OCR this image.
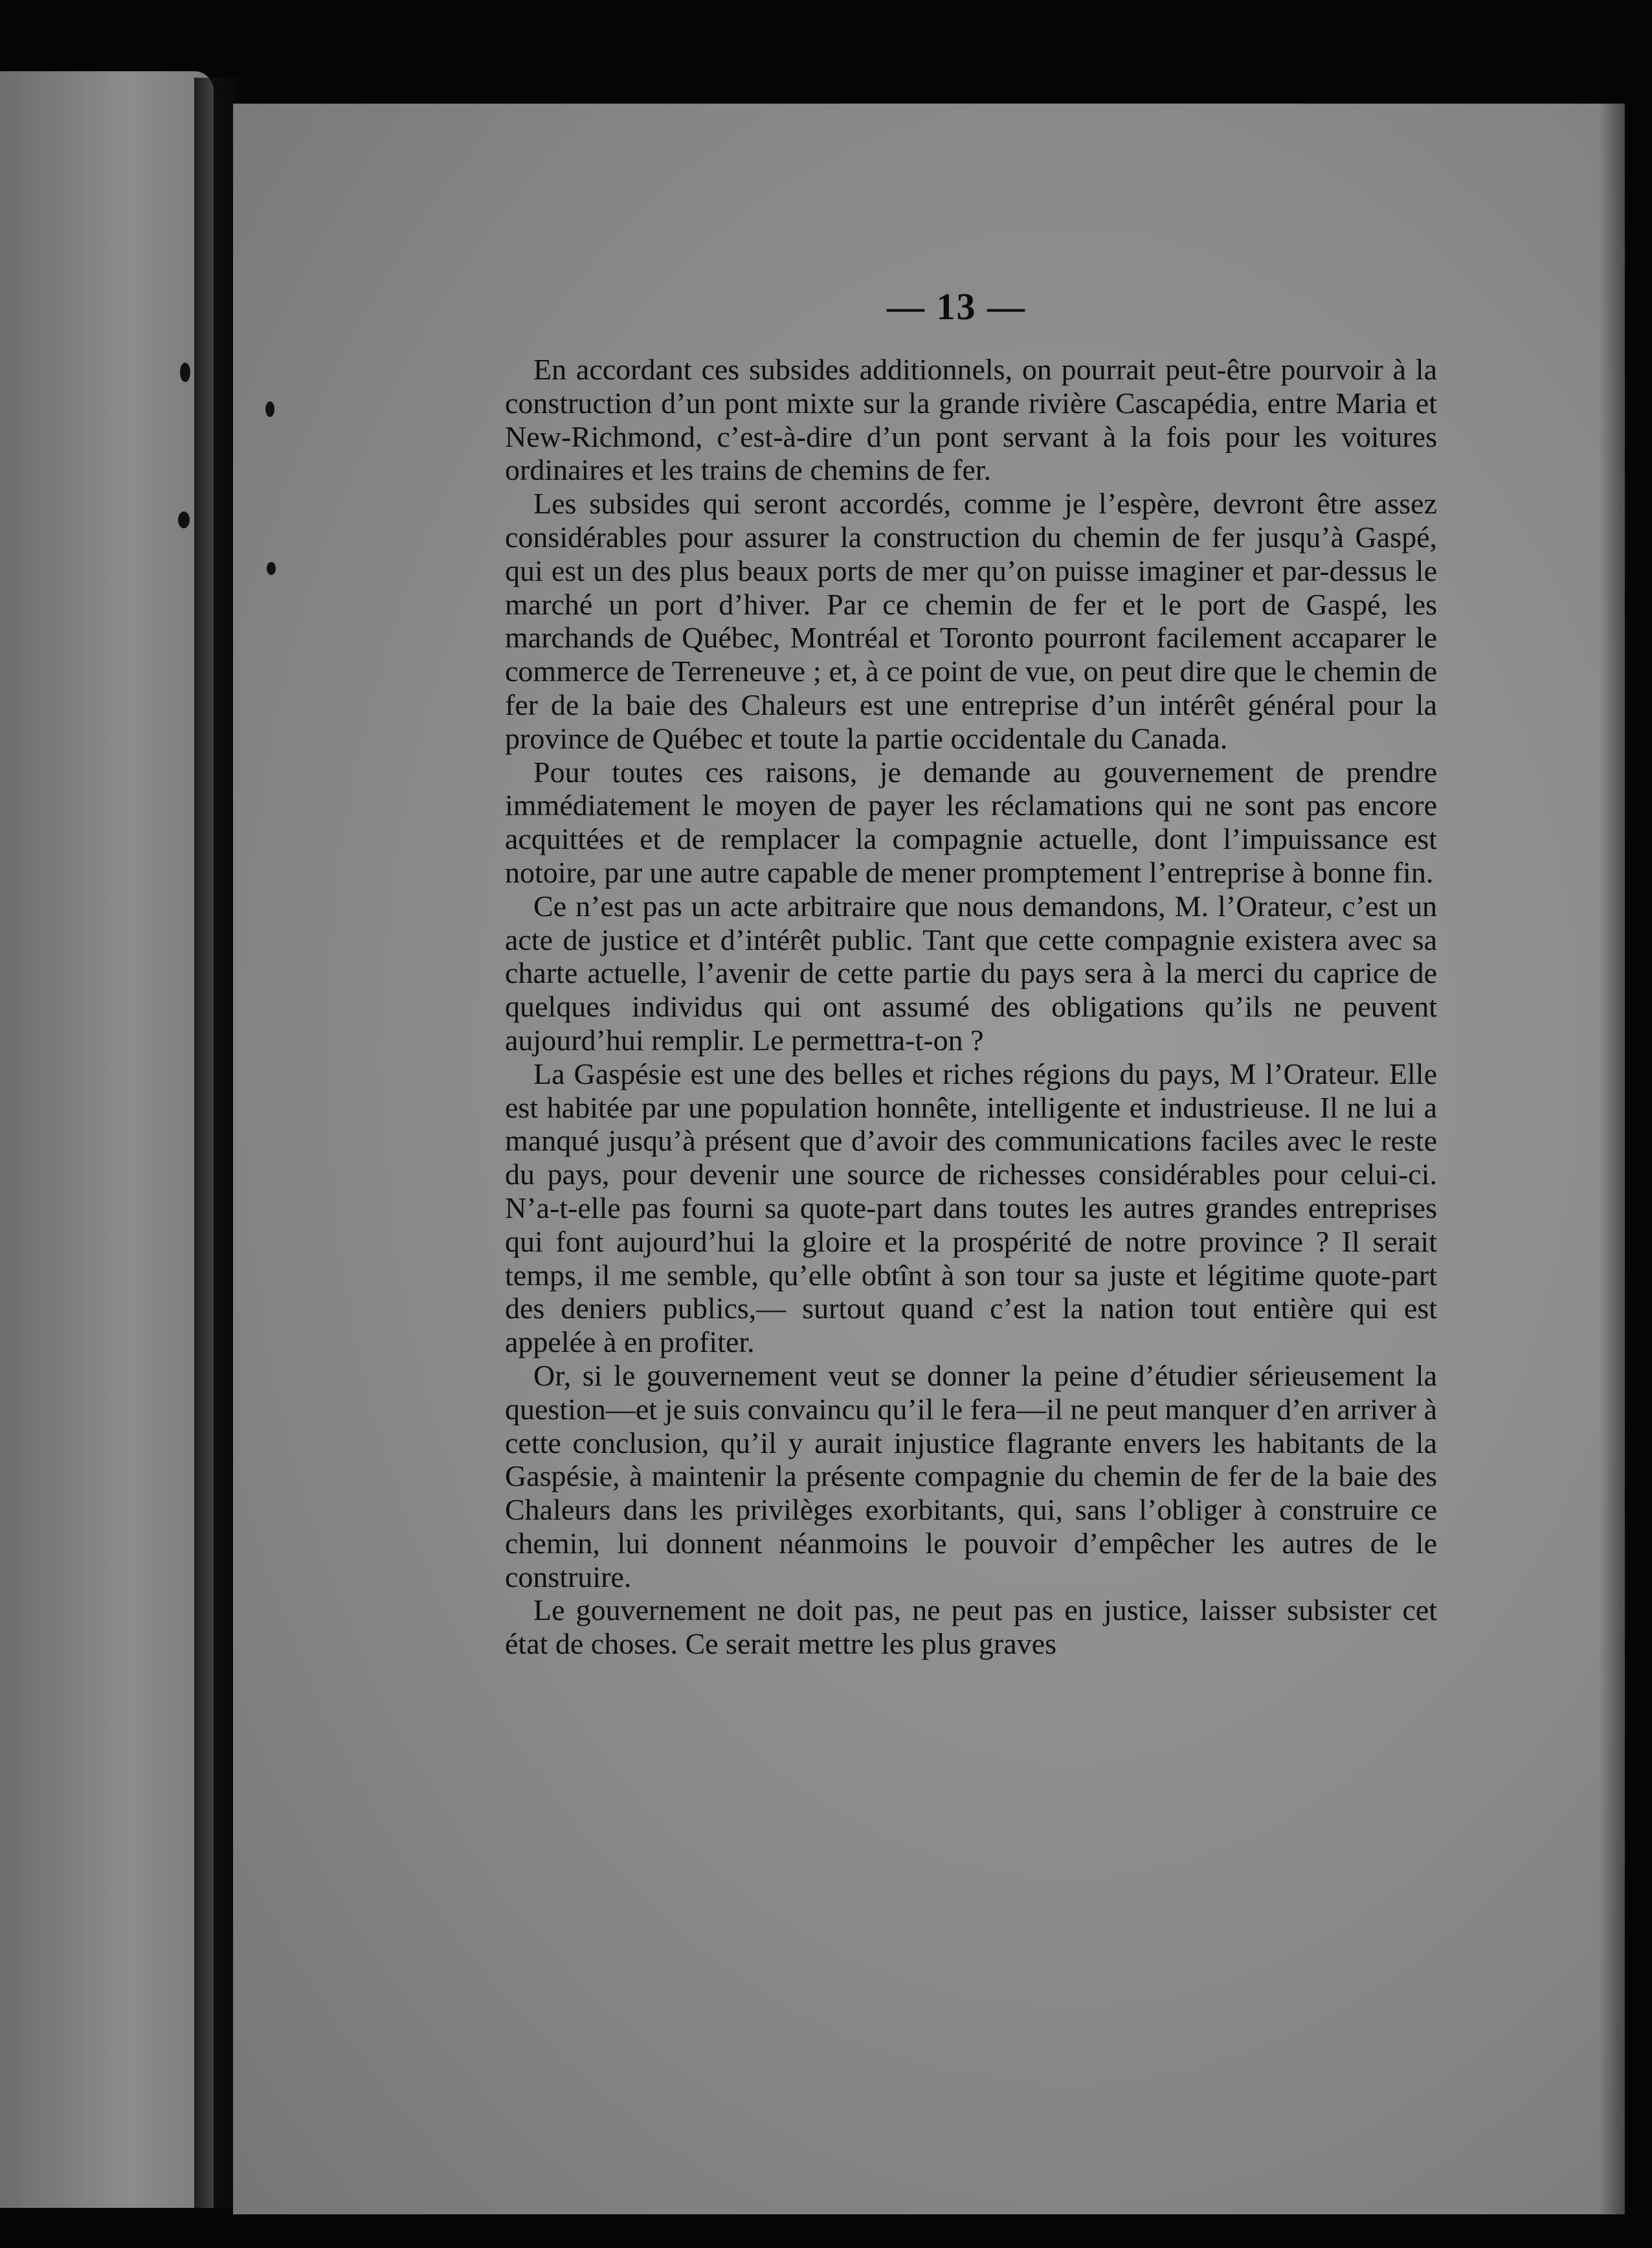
— 13 —

En accordant ces subsides additionnels, on pourrait peut-être pourvoir à la construction d’un pont mixte sur la grande rivière Cascapédia, entre Maria et New-Richmond, c’est-à-dire d’un pont servant à la fois pour les voitures ordinaires et les trains de chemins de fer.

Les subsides qui seront accordés, comme je l’espère, devront être assez considérables pour assurer la construction du chemin de fer jusqu’à Gaspé, qui est un des plus beaux ports de mer qu’on puisse imaginer et par-dessus le marché un port d’hiver. Par ce chemin de fer et le port de Gaspé, les marchands de Québec, Montréal et Toronto pourront facilement accaparer le commerce de Terreneuve ; et, à ce point de vue, on peut dire que le chemin de fer de la baie des Chaleurs est une entreprise d’un intérêt général pour la province de Québec et toute la partie occidentale du Canada.

Pour toutes ces raisons, je demande au gouvernement de prendre immédiatement le moyen de payer les réclamations qui ne sont pas encore acquittées et de remplacer la compagnie actuelle, dont l’impuissance est notoire, par une autre capable de mener promptement l’entreprise à bonne fin.

Ce n’est pas un acte arbitraire que nous demandons, M. l’Orateur, c’est un acte de justice et d’intérêt public. Tant que cette compagnie existera avec sa charte actuelle, l’avenir de cette partie du pays sera à la merci du caprice de quelques individus qui ont assumé des obligations qu’ils ne peuvent aujourd’hui remplir. Le permettra-t-on ?

La Gaspésie est une des belles et riches régions du pays, M l’Orateur. Elle est habitée par une population honnête, intelligente et industrieuse. Il ne lui a manqué jusqu’à présent que d’avoir des communications faciles avec le reste du pays, pour devenir une source de richesses considérables pour celui-ci. N’a-t-elle pas fourni sa quote-part dans toutes les autres grandes entreprises qui font aujourd’hui la gloire et la prospérité de notre province ? Il serait temps, il me semble, qu’elle obtînt à son tour sa juste et légitime quote-part des deniers publics,— surtout quand c’est la nation tout entière qui est appelée à en profiter.

Or, si le gouvernement veut se donner la peine d’étudier sérieusement la question—et je suis convaincu qu’il le fera—il ne peut manquer d’en arriver à cette conclusion, qu’il y aurait injustice flagrante envers les habitants de la Gaspésie, à maintenir la présente compagnie du chemin de fer de la baie des Chaleurs dans les privilèges exorbitants, qui, sans l’obliger à construire ce chemin, lui donnent néanmoins le pouvoir d’empêcher les autres de le construire.

Le gouvernement ne doit pas, ne peut pas en justice, laisser subsister cet état de choses. Ce serait mettre les plus graves
